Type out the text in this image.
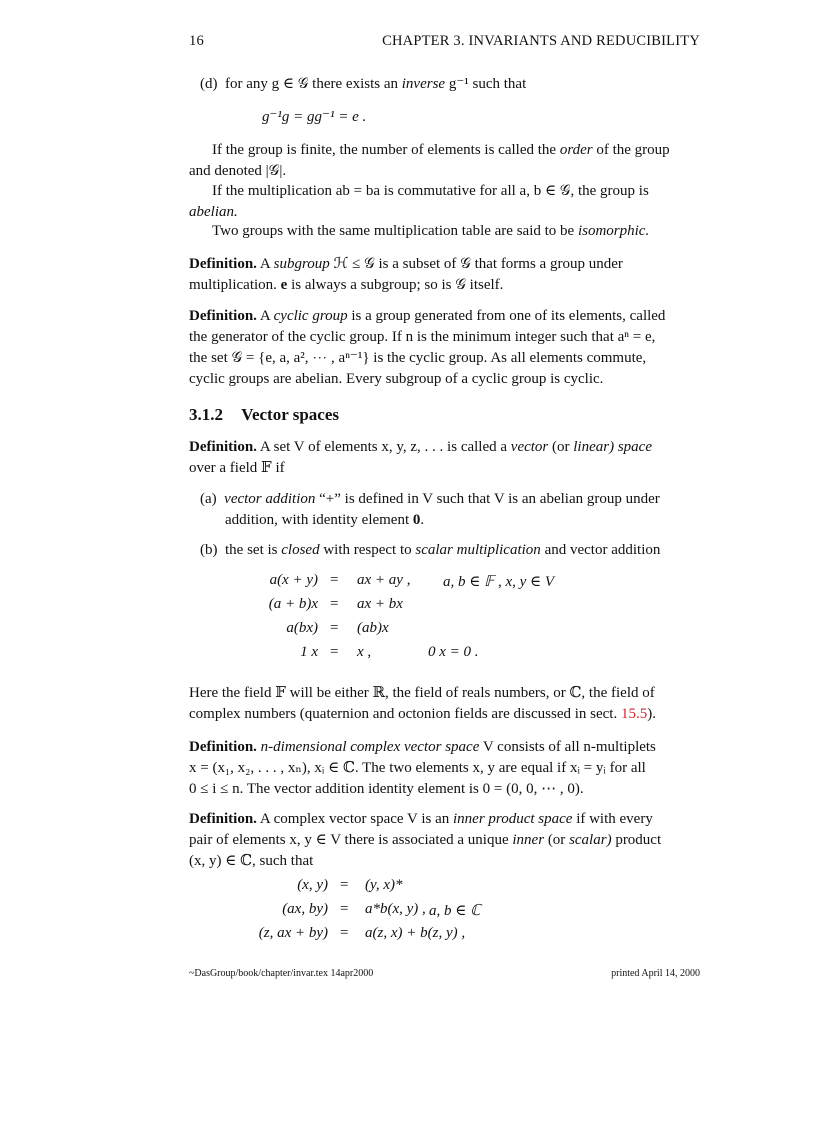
16	CHAPTER 3. INVARIANTS AND REDUCIBILITY
(d) for any g ∈ 𝒢 there exists an inverse g⁻¹ such that
g⁻¹g = gg⁻¹ = e .
If the group is finite, the number of elements is called the order of the group
and denoted |𝒢|.
If the multiplication ab = ba is commutative for all a, b ∈ 𝒢, the group is
abelian.
Two groups with the same multiplication table are said to be isomorphic.
Definition. A subgroup ℋ ≤ 𝒢 is a subset of 𝒢 that forms a group under
multiplication. e is always a subgroup; so is 𝒢 itself.
Definition. A cyclic group is a group generated from one of its elements, called
the generator of the cyclic group. If n is the minimum integer such that aⁿ = e,
the set 𝒢 = {e, a, a², ⋯ , aⁿ⁻¹} is the cyclic group. As all elements commute,
cyclic groups are abelian. Every subgroup of a cyclic group is cyclic.
3.1.2 Vector spaces
Definition. A set V of elements x, y, z, . . . is called a vector (or linear) space
over a field 𝔽 if
(a) vector addition “+” is defined in V such that V is an abelian group under
addition, with identity element 0.
(b) the set is closed with respect to scalar multiplication and vector addition
a(x + y) = ax + ay , a, b ∈ 𝔽 , x, y ∈ V
(a + b)x = ax + bx
a(bx) = (ab)x
1 x = x ,	0 x = 0 .
Here the field 𝔽 will be either ℝ, the field of reals numbers, or ℂ, the field of
complex numbers (quaternion and octonion fields are discussed in sect. 15.5).
Definition. n-dimensional complex vector space V consists of all n-multiplets
x = (x₁, x₂, . . . , xₙ), xᵢ ∈ ℂ. The two elements x, y are equal if xᵢ = yᵢ for all
0 ≤ i ≤ n. The vector addition identity element is 0 = (0, 0, ⋯ , 0).
Definition. A complex vector space V is an inner product space if with every
pair of elements x, y ∈ V there is associated a unique inner (or scalar) product
(x, y) ∈ ℂ, such that
(x, y) = (y, x)*
(ax, by) = a*b(x, y) , a, b ∈ ℂ
(z, ax + by) = a(z, x) + b(z, y) ,
~DasGroup/book/chapter/invar.tex 14apr2000	printed April 14, 2000
